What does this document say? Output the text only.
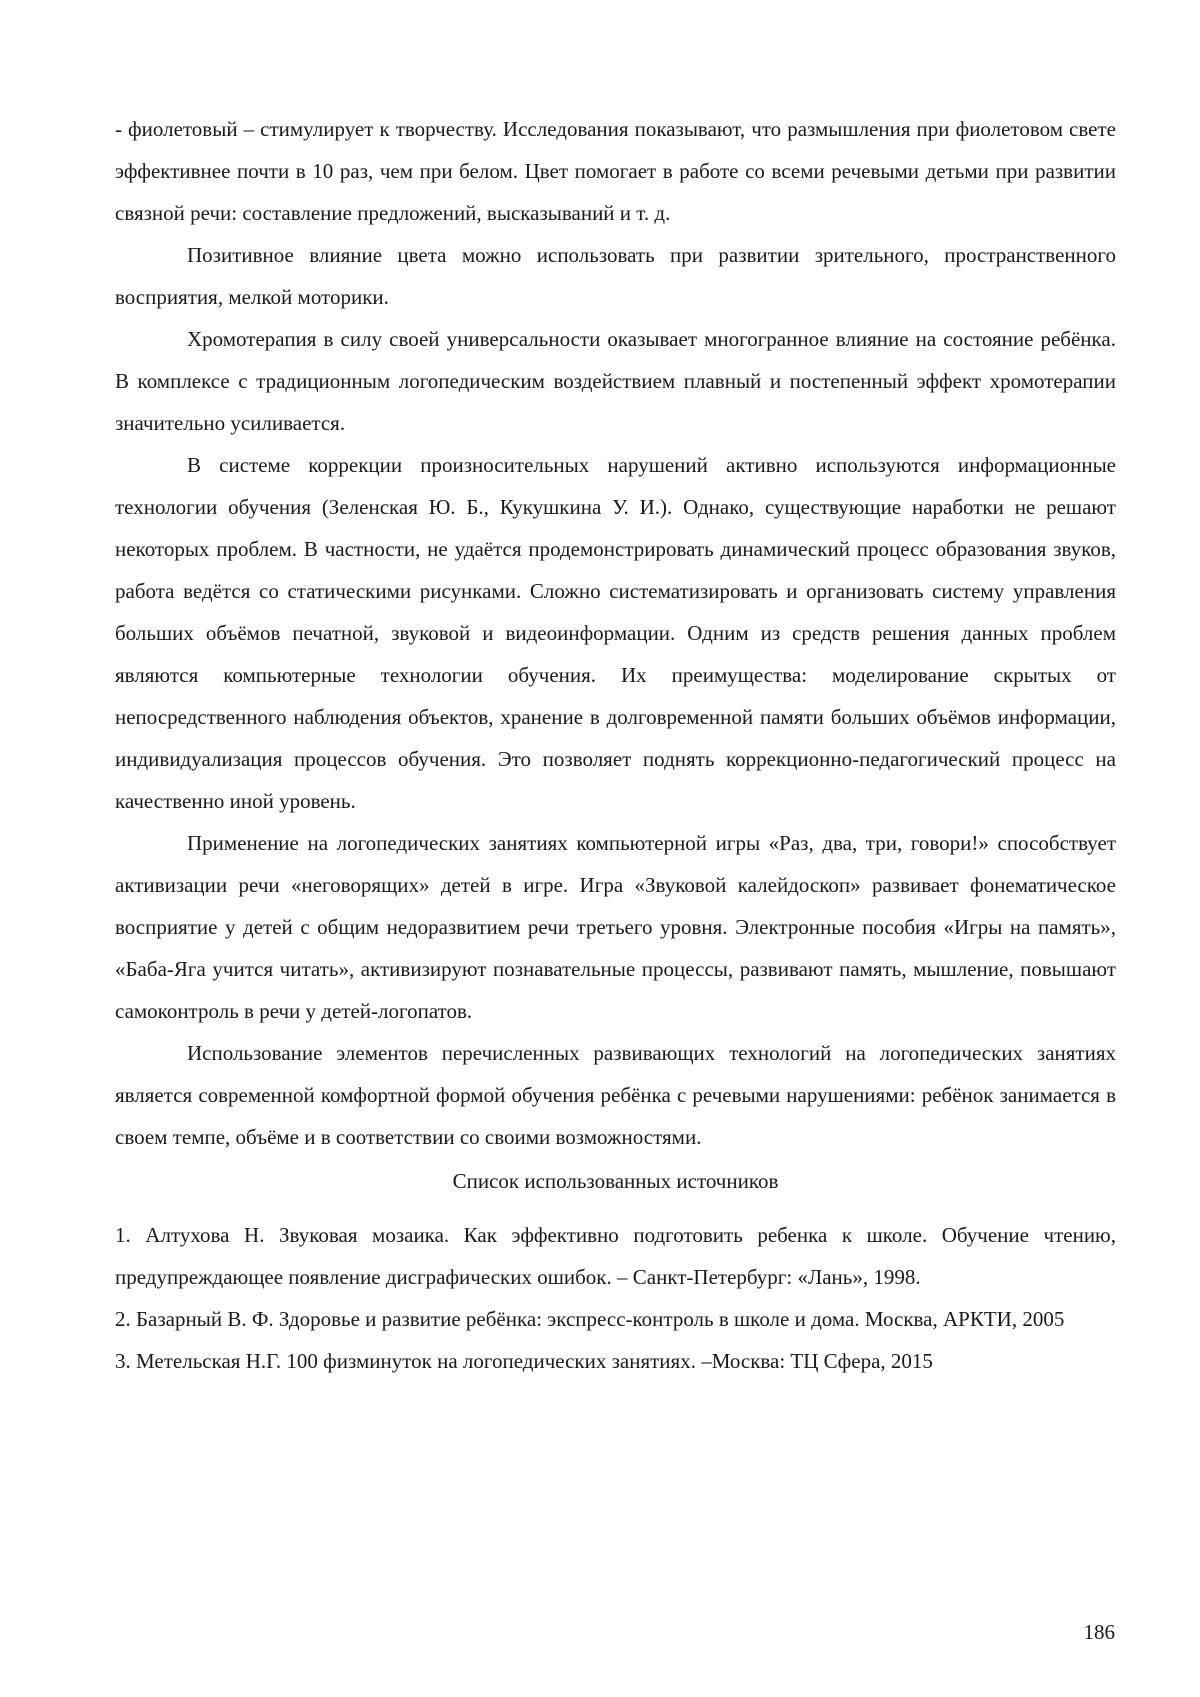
- фиолетовый – стимулирует к творчеству. Исследования показывают, что размышления при фиолетовом свете эффективнее почти в 10 раз, чем при белом. Цвет помогает в работе со всеми речевыми детьми при развитии связной речи: составление предложений, высказываний и т. д.

Позитивное влияние цвета можно использовать при развитии зрительного, пространственного восприятия, мелкой моторики.

Хромотерапия в силу своей универсальности оказывает многогранное влияние на состояние ребёнка. В комплексе с традиционным логопедическим воздействием плавный и постепенный эффект хромотерапии значительно усиливается.

В системе коррекции произносительных нарушений активно используются информационные технологии обучения (Зеленская Ю. Б., Кукушкина У. И.). Однако, существующие наработки не решают некоторых проблем. В частности, не удаётся продемонстрировать динамический процесс образования звуков, работа ведётся со статическими рисунками. Сложно систематизировать и организовать систему управления больших объёмов печатной, звуковой и видеоинформации. Одним из средств решения данных проблем являются компьютерные технологии обучения. Их преимущества: моделирование скрытых от непосредственного наблюдения объектов, хранение в долговременной памяти больших объёмов информации, индивидуализация процессов обучения. Это позволяет поднять коррекционно-педагогический процесс на качественно иной уровень.

Применение на логопедических занятиях компьютерной игры «Раз, два, три, говори!» способствует активизации речи «неговорящих» детей в игре. Игра «Звуковой калейдоскоп» развивает фонематическое восприятие у детей с общим недоразвитием речи третьего уровня. Электронные пособия «Игры на память», «Баба-Яга учится читать», активизируют познавательные процессы, развивают память, мышление, повышают самоконтроль в речи у детей-логопатов.

Использование элементов перечисленных развивающих технологий на логопедических занятиях является современной комфортной формой обучения ребёнка с речевыми нарушениями: ребёнок занимается в своем темпе, объёме и в соответствии со своими возможностями.

Список использованных источников

1. Алтухова Н. Звуковая мозаика. Как эффективно подготовить ребенка к школе. Обучение чтению, предупреждающее появление дисграфических ошибок. – Санкт-Петербург: «Лань», 1998.

2. Базарный В. Ф. Здоровье и развитие ребёнка: экспресс-контроль в школе и дома. Москва, АРКТИ, 2005

3. Метельская Н.Г. 100 физминуток на логопедических занятиях. –Москва: ТЦ Сфера, 2015

186
